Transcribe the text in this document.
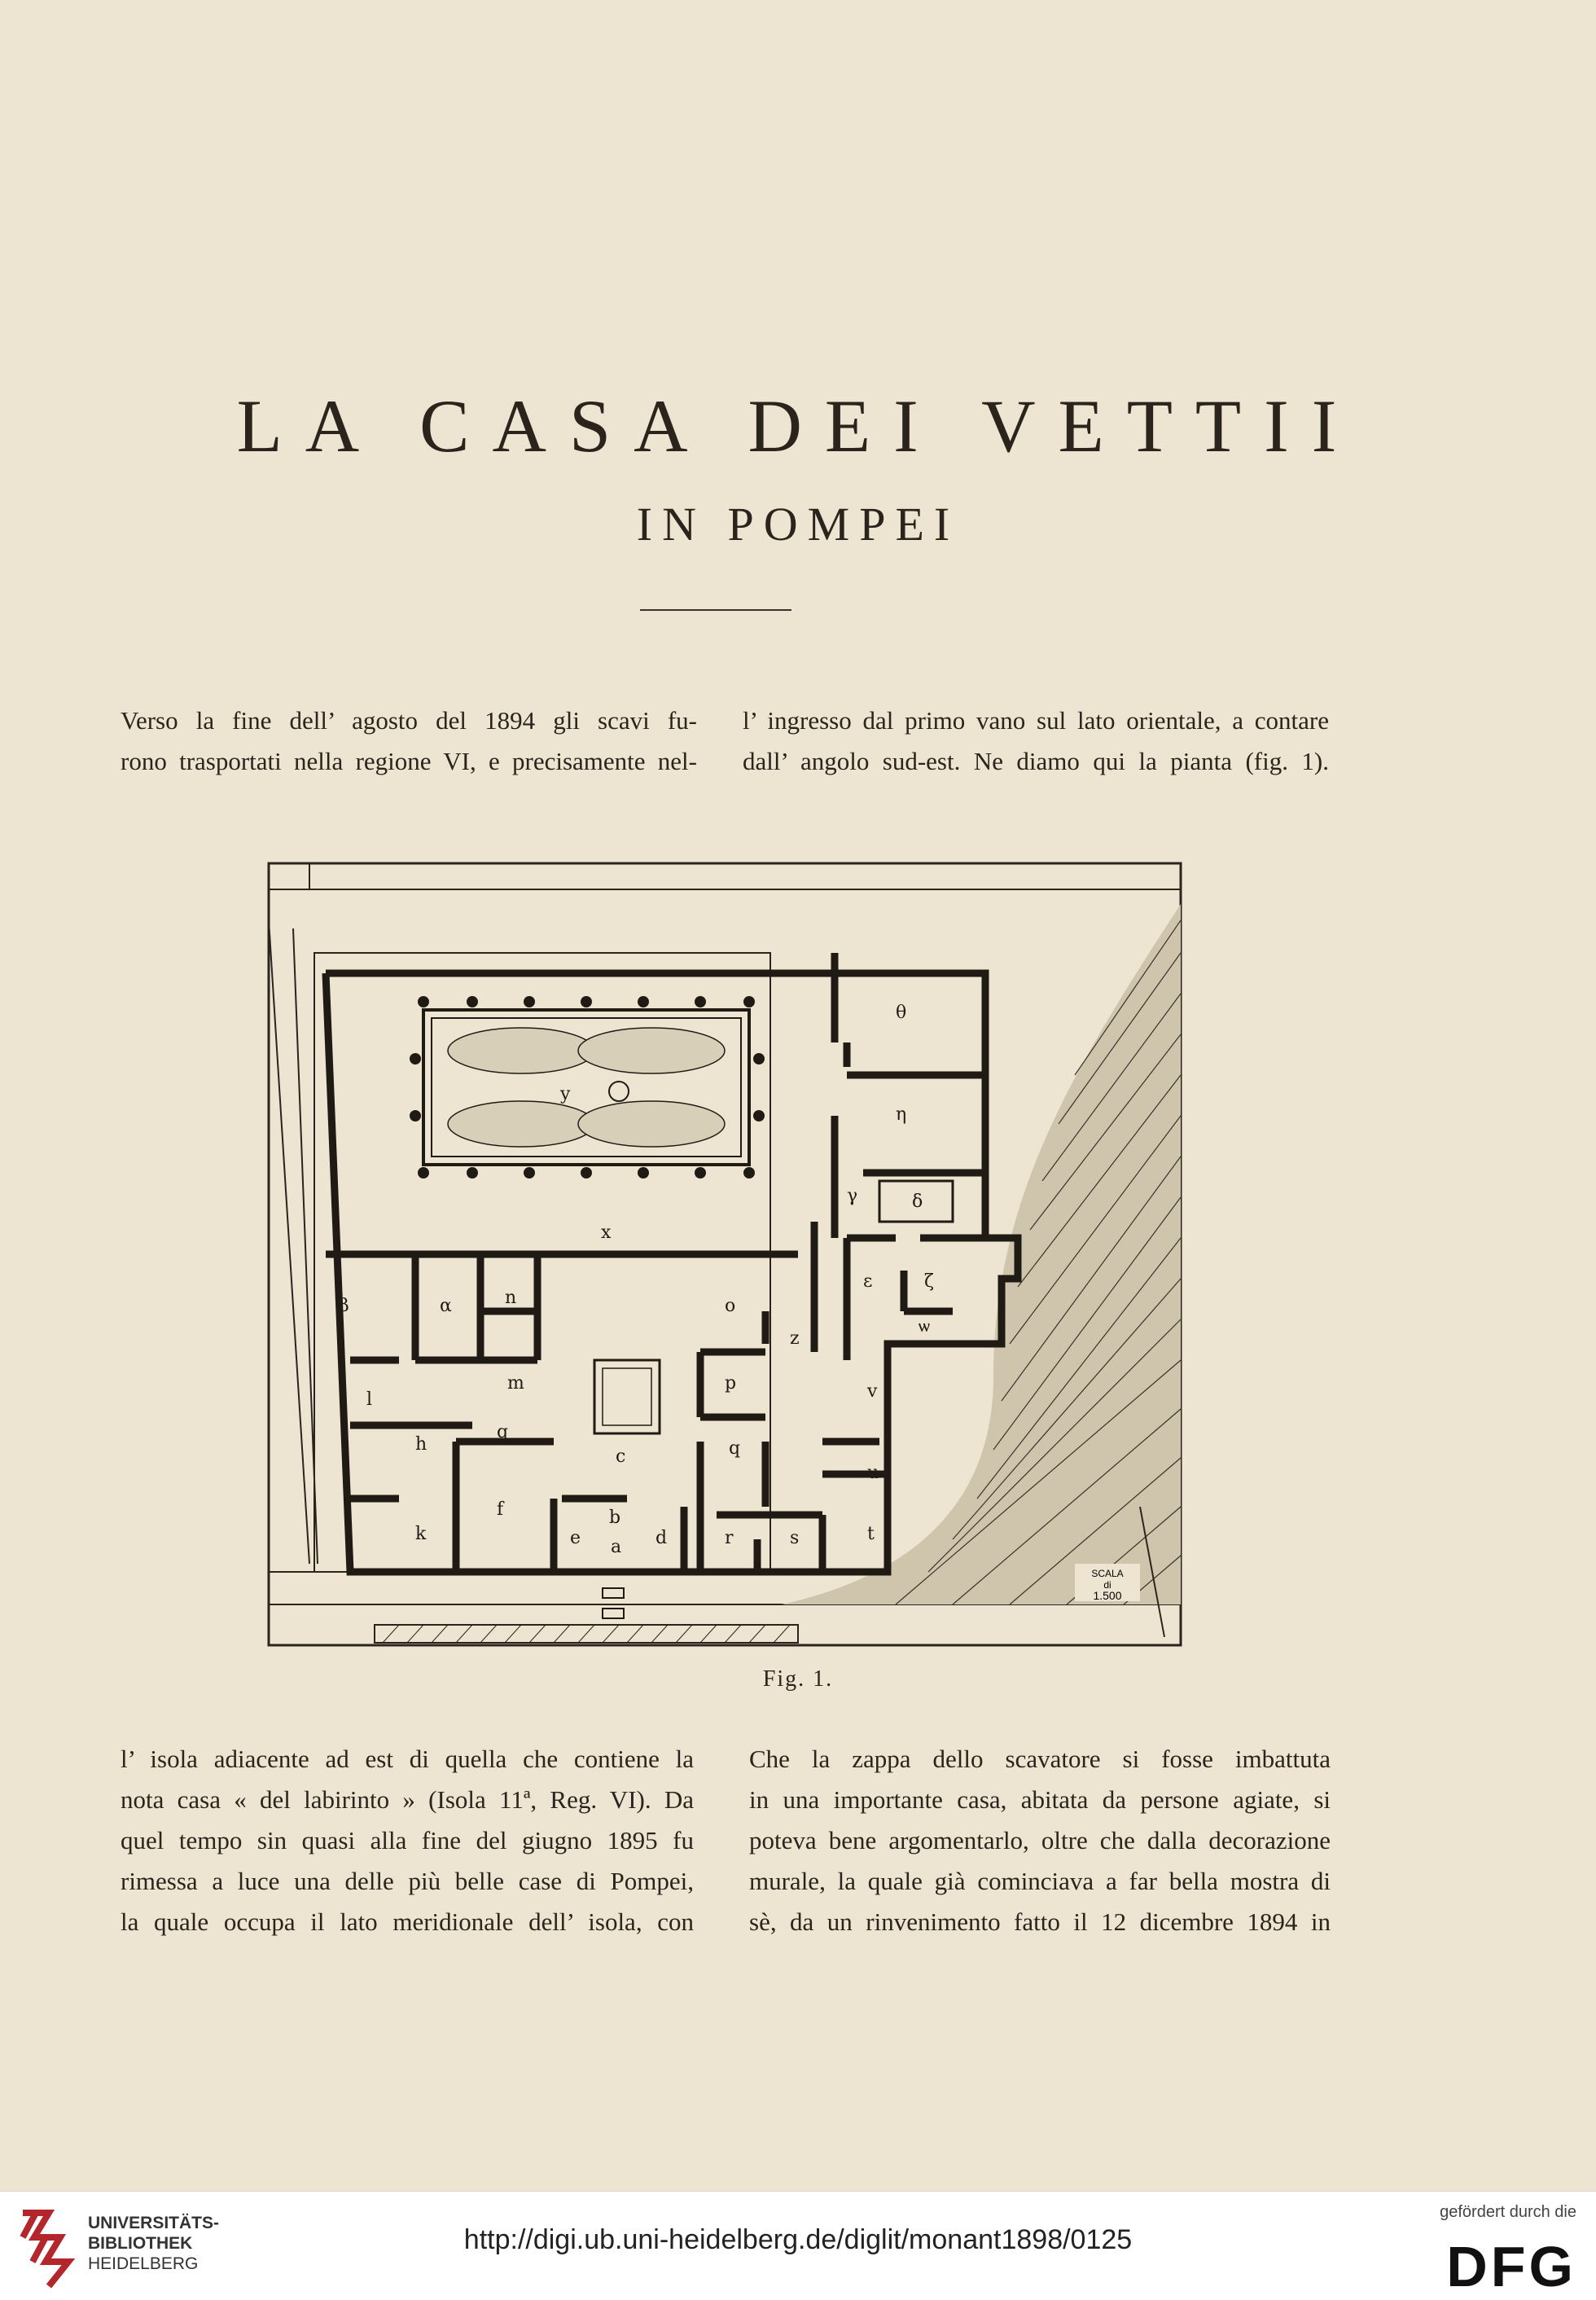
LA CASA DEI VETTII
IN POMPEI
Verso la fine dell’ agosto del 1894 gli scavi fu-
rono trasportati nella regione VI, e precisamente nel-
l’ ingresso dal primo vano sul lato orientale, a contare
dall’ angolo sud-est. Ne diamo qui la pianta (fig. 1).
θ
η
γ	δ
ε	ζ
ѡ
y
x
β	α	n	o
z
p
m
l	v
h
g
c	q
u
k
f
e
b
a d	r	s	t
SCALA
di
1.500
Fig. 1.
l’ isola adiacente ad est di quella che contiene la
nota casa « del labirinto » (Isola 11ª, Reg. VI). Da
quel tempo sin quasi alla fine del giugno 1895 fu
rimessa a luce una delle più belle case di Pompei,
la quale occupa il lato meridionale dell’ isola, con
Che la zappa dello scavatore si fosse imbattuta
in una importante casa, abitata da persone agiate, si
poteva bene argomentarlo, oltre che dalla decorazione
murale, la quale già cominciava a far bella mostra di
sè, da un rinvenimento fatto il 12 dicembre 1894 in
UNIVERSITÄTS-
BIBLIOTHEK
HEIDELBERG
http://digi.ub.uni-heidelberg.de/diglit/monant1898/0125
gefördert durch die
DFG
